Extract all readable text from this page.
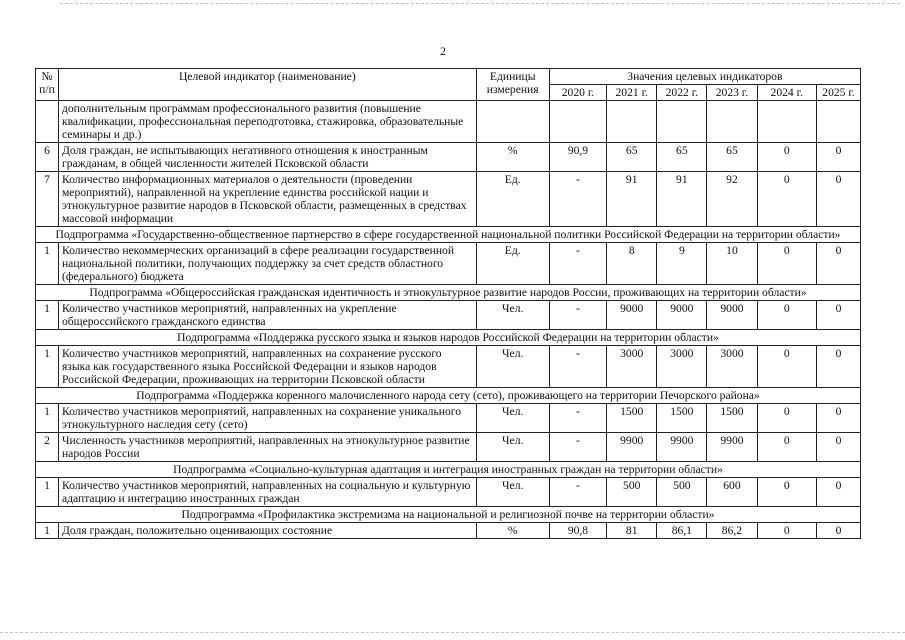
2
№ п/п	Целевой индикатор (наименование)	Единицы измерения	Значения целевых индикаторов					
			2020 г.	2021 г.	2022 г.	2023 г.	2024 г.	2025 г.
	дополнительным программам профессионального развития (повышение квалификации, профессиональная переподготовка, стажировка, образовательные семинары и др.)							
6	Доля граждан, не испытывающих негативного отношения к иностранным гражданам, в общей численности жителей Псковской области	%	90,9	65	65	65	0	0
7	Количество информационных материалов о деятельности (проведении мероприятий), направленной на укрепление единства российской нации и этнокультурное развитие народов в Псковской области, размещенных в средствах массовой информации	Ед.	-	91	91	92	0	0
Подпрограмма «Государственно-общественное партнерство в сфере государственной национальной политики Российской Федерации на территории области»								
1	Количество некоммерческих организаций в сфере реализации государственной национальной политики, получающих поддержку за счет средств областного (федерального) бюджета	Ед.	-	8	9	10	0	0
Подпрограмма «Общероссийская гражданская идентичность и этнокультурное развитие народов России, проживающих на территории области»								
1	Количество участников мероприятий, направленных на укрепление общероссийского гражданского единства	Чел.	-	9000	9000	9000	0	0
Подпрограмма «Поддержка русского языка и языков народов Российской Федерации на территории области»								
1	Количество участников мероприятий, направленных на сохранение русского языка как государственного языка Российской Федерации и языков народов Российской Федерации, проживающих на территории Псковской области	Чел.	-	3000	3000	3000	0	0
Подпрограмма «Поддержка коренного малочисленного народа сету (сето), проживающего на территории Печорского района»								
1	Количество участников мероприятий, направленных на сохранение уникального этнокультурного наследия сету (сето)	Чел.	-	1500	1500	1500	0	0
2	Численность участников мероприятий, направленных на этнокультурное развитие народов России	Чел.	-	9900	9900	9900	0	0
Подпрограмма «Социально-культурная адаптация и интеграция иностранных граждан на территории области»								
1	Количество участников мероприятий, направленных на социальную и культурную адаптацию и интеграцию иностранных граждан	Чел.	-	500	500	600	0	0
Подпрограмма «Профилактика экстремизма на национальной и религиозной почве на территории области»								
1	Доля граждан, положительно оценивающих состояние	%	90,8	81	86,1	86,2	0	0
